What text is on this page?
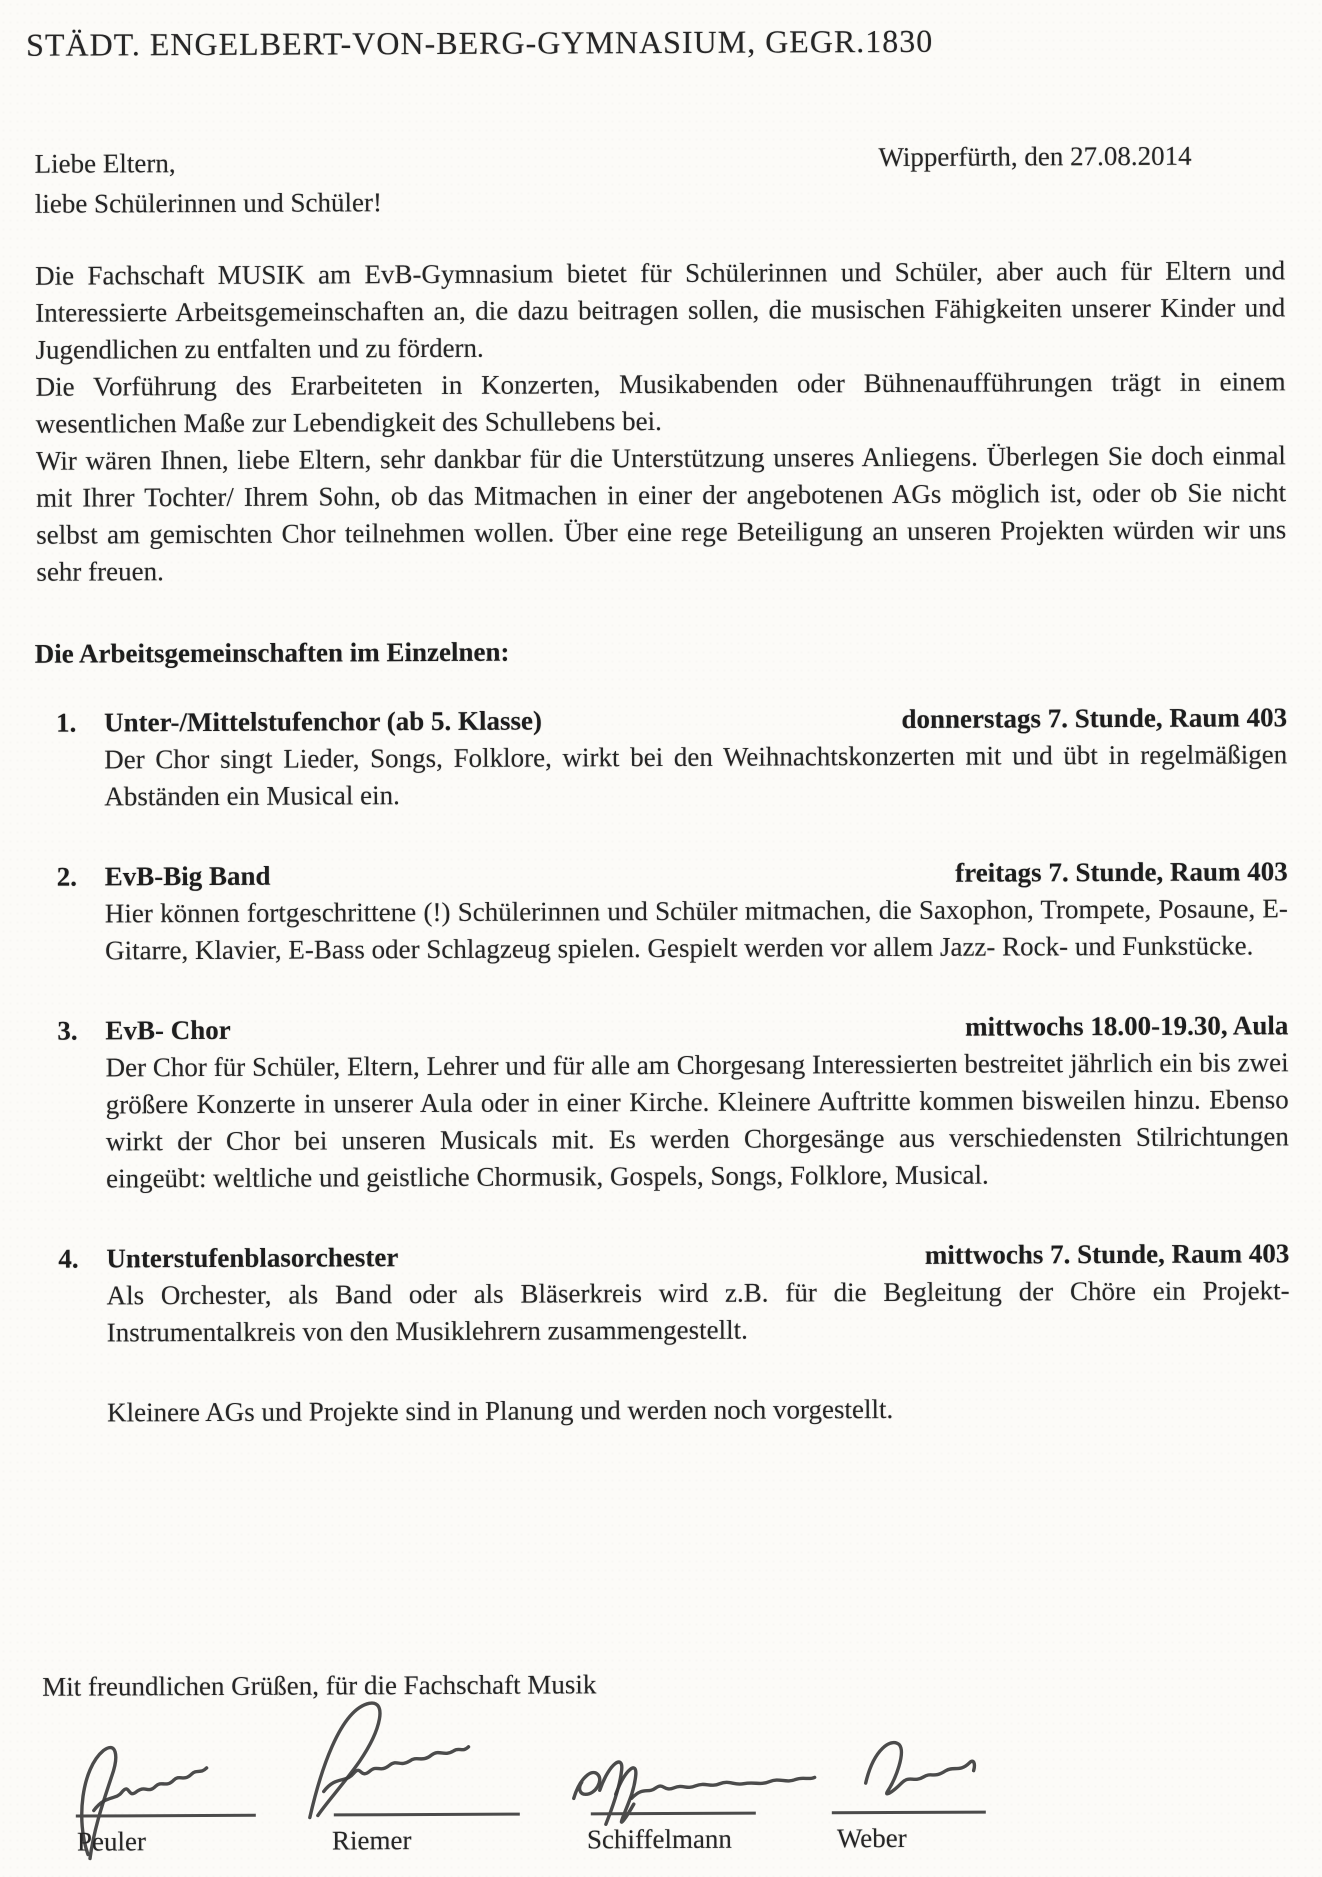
STÄDT. ENGELBERT-VON-BERG-GYMNASIUM, GEGR.1830
Wipperfürth, den 27.08.2014
Liebe Eltern,
liebe Schülerinnen und Schüler!

Die Fachschaft MUSIK am EvB-Gymnasium bietet für Schülerinnen und Schüler, aber auch für Eltern und Interessierte Arbeitsgemeinschaften an, die dazu beitragen sollen, die musischen Fähigkeiten unserer Kinder und Jugendlichen zu entfalten und zu fördern.

Die Vorführung des Erarbeiteten in Konzerten, Musikabenden oder Bühnenaufführungen trägt in einem wesentlichen Maße zur Lebendigkeit des Schullebens bei.

Wir wären Ihnen, liebe Eltern, sehr dankbar für die Unterstützung unseres Anliegens. Überlegen Sie doch einmal mit Ihrer Tochter/ Ihrem Sohn, ob das Mitmachen in einer der angebotenen AGs möglich ist, oder ob Sie nicht selbst am gemischten Chor teilnehmen wollen. Über eine rege Beteiligung an unseren Projekten würden wir uns sehr freuen.

Die Arbeitsgemeinschaften im Einzelnen:
1.	Unter-/Mittelstufenchor (ab 5. Klasse)	donnerstags 7. Stunde, Raum 403
Der Chor singt Lieder, Songs, Folklore, wirkt bei den Weihnachtskonzerten mit und übt in regelmäßigen Abständen ein Musical ein.
2.	EvB-Big Band	freitags 7. Stunde, Raum 403
Hier können fortgeschrittene (!) Schülerinnen und Schüler mitmachen, die Saxophon, Trompete, Posaune, E-Gitarre, Klavier, E-Bass oder Schlagzeug spielen. Gespielt werden vor allem Jazz- Rock- und Funkstücke.
3.	EvB- Chor	mittwochs 18.00-19.30, Aula
Der Chor für Schüler, Eltern, Lehrer und für alle am Chorgesang Interessierten bestreitet jährlich ein bis zwei größere Konzerte in unserer Aula oder in einer Kirche. Kleinere Auftritte kommen bisweilen hinzu. Ebenso wirkt der Chor bei unseren Musicals mit. Es werden Chorgesänge aus verschiedensten Stilrichtungen eingeübt: weltliche und geistliche Chormusik, Gospels, Songs, Folklore, Musical.
4.	Unterstufenblasorchester	mittwochs 7. Stunde, Raum 403
Als Orchester, als Band oder als Bläserkreis wird z.B. für die Begleitung der Chöre ein Projekt- Instrumentalkreis von den Musiklehrern zusammengestellt.
Kleinere AGs und Projekte sind in Planung und werden noch vorgestellt.
Mit freundlichen Grüßen, für die Fachschaft Musik
Peuler	Riemer	Schiffelmann	Weber
